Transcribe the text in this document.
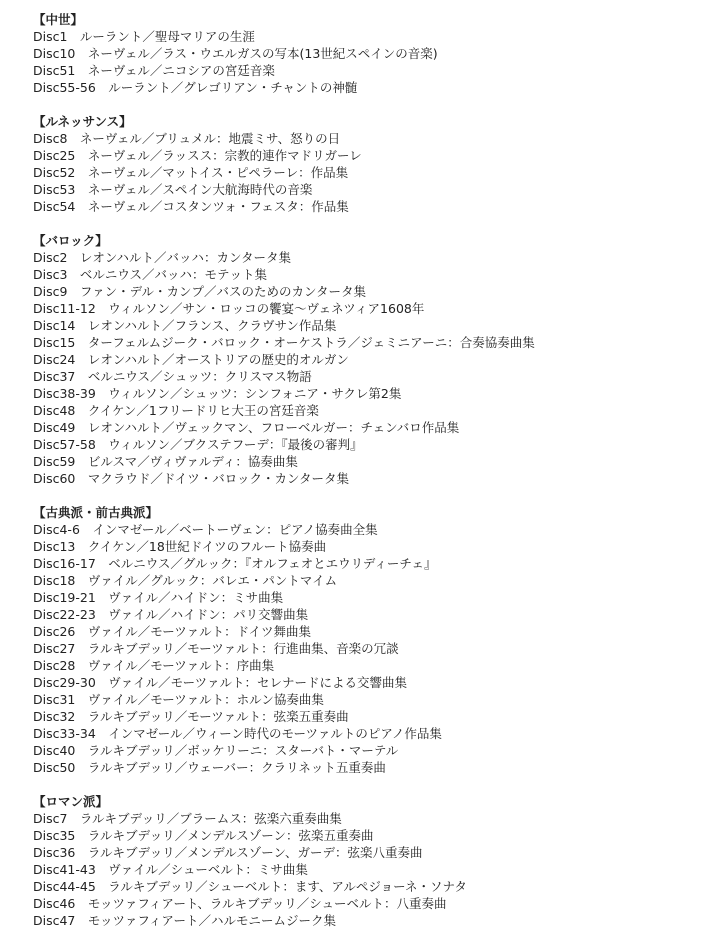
【中世】
Disc1　ルーラント／聖母マリアの生涯
Disc10　ネーヴェル／ラス・ウエルガスの写本(13世紀スペインの音楽)
Disc51　ネーヴェル／ニコシアの宮廷音楽
Disc55-56　ルーラント／グレゴリアン・チャントの神髄
【ルネッサンス】
Disc8　ネーヴェル／ブリュメル：地震ミサ、怒りの日
Disc25　ネーヴェル／ラッスス：宗教的連作マドリガーレ
Disc52　ネーヴェル／マットイス・ピペラーレ：作品集
Disc53　ネーヴェル／スペイン大航海時代の音楽
Disc54　ネーヴェル／コスタンツォ・フェスタ：作品集
【バロック】
Disc2　レオンハルト／バッハ：カンタータ集
Disc3　ベルニウス／バッハ：モテット集
Disc9　ファン・デル・カンプ／バスのためのカンタータ集
Disc11-12　ウィルソン／サン・ロッコの饗宴～ヴェネツィア1608年
Disc14　レオンハルト／フランス、クラヴサン作品集
Disc15　ターフェルムジーク・バロック・オーケストラ／ジェミニアーニ：合奏協奏曲集
Disc24　レオンハルト／オーストリアの歴史的オルガン
Disc37　ベルニウス／シュッツ：クリスマス物語
Disc38-39　ウィルソン／シュッツ：シンフォニア・サクレ第2集
Disc48　クイケン／1フリードリヒ大王の宮廷音楽
Disc49　レオンハルト／ヴェックマン、フローベルガー：チェンバロ作品集
Disc57-58　ウィルソン／ブクステフーデ：『最後の審判』
Disc59　ビルスマ／ヴィヴァルディ：協奏曲集
Disc60　マクラウド／ドイツ・バロック・カンタータ集
【古典派・前古典派】
Disc4-6　インマゼール／ベートーヴェン：ピアノ協奏曲全集
Disc13　クイケン／18世紀ドイツのフルート協奏曲
Disc16-17　ベルニウス／グルック：『オルフェオとエウリディーチェ』
Disc18　ヴァイル／グルック：バレエ・パントマイム
Disc19-21　ヴァイル／ハイドン：ミサ曲集
Disc22-23　ヴァイル／ハイドン：パリ交響曲集
Disc26　ヴァイル／モーツァルト：ドイツ舞曲集
Disc27　ラルキブデッリ／モーツァルト：行進曲集、音楽の冗談
Disc28　ヴァイル／モーツァルト：序曲集
Disc29-30　ヴァイル／モーツァルト：セレナードによる交響曲集
Disc31　ヴァイル／モーツァルト：ホルン協奏曲集
Disc32　ラルキブデッリ／モーツァルト：弦楽五重奏曲
Disc33-34　インマゼール／ウィーン時代のモーツァルトのピアノ作品集
Disc40　ラルキブデッリ／ボッケリーニ：スターバト・マーテル
Disc50　ラルキブデッリ／ウェーバー：クラリネット五重奏曲
【ロマン派】
Disc7　ラルキブデッリ／ブラームス：弦楽六重奏曲集
Disc35　ラルキブデッリ／メンデルスゾーン：弦楽五重奏曲
Disc36　ラルキブデッリ／メンデルスゾーン、ガーデ：弦楽八重奏曲
Disc41-43　ヴァイル／シューベルト：ミサ曲集
Disc44-45　ラルキブデッリ／シューベルト：ます、アルペジョーネ・ソナタ
Disc46　モッツァフィアート、ラルキブデッリ／シューベルト：八重奏曲
Disc47　モッツァフィアート／ハルモニームジーク集
